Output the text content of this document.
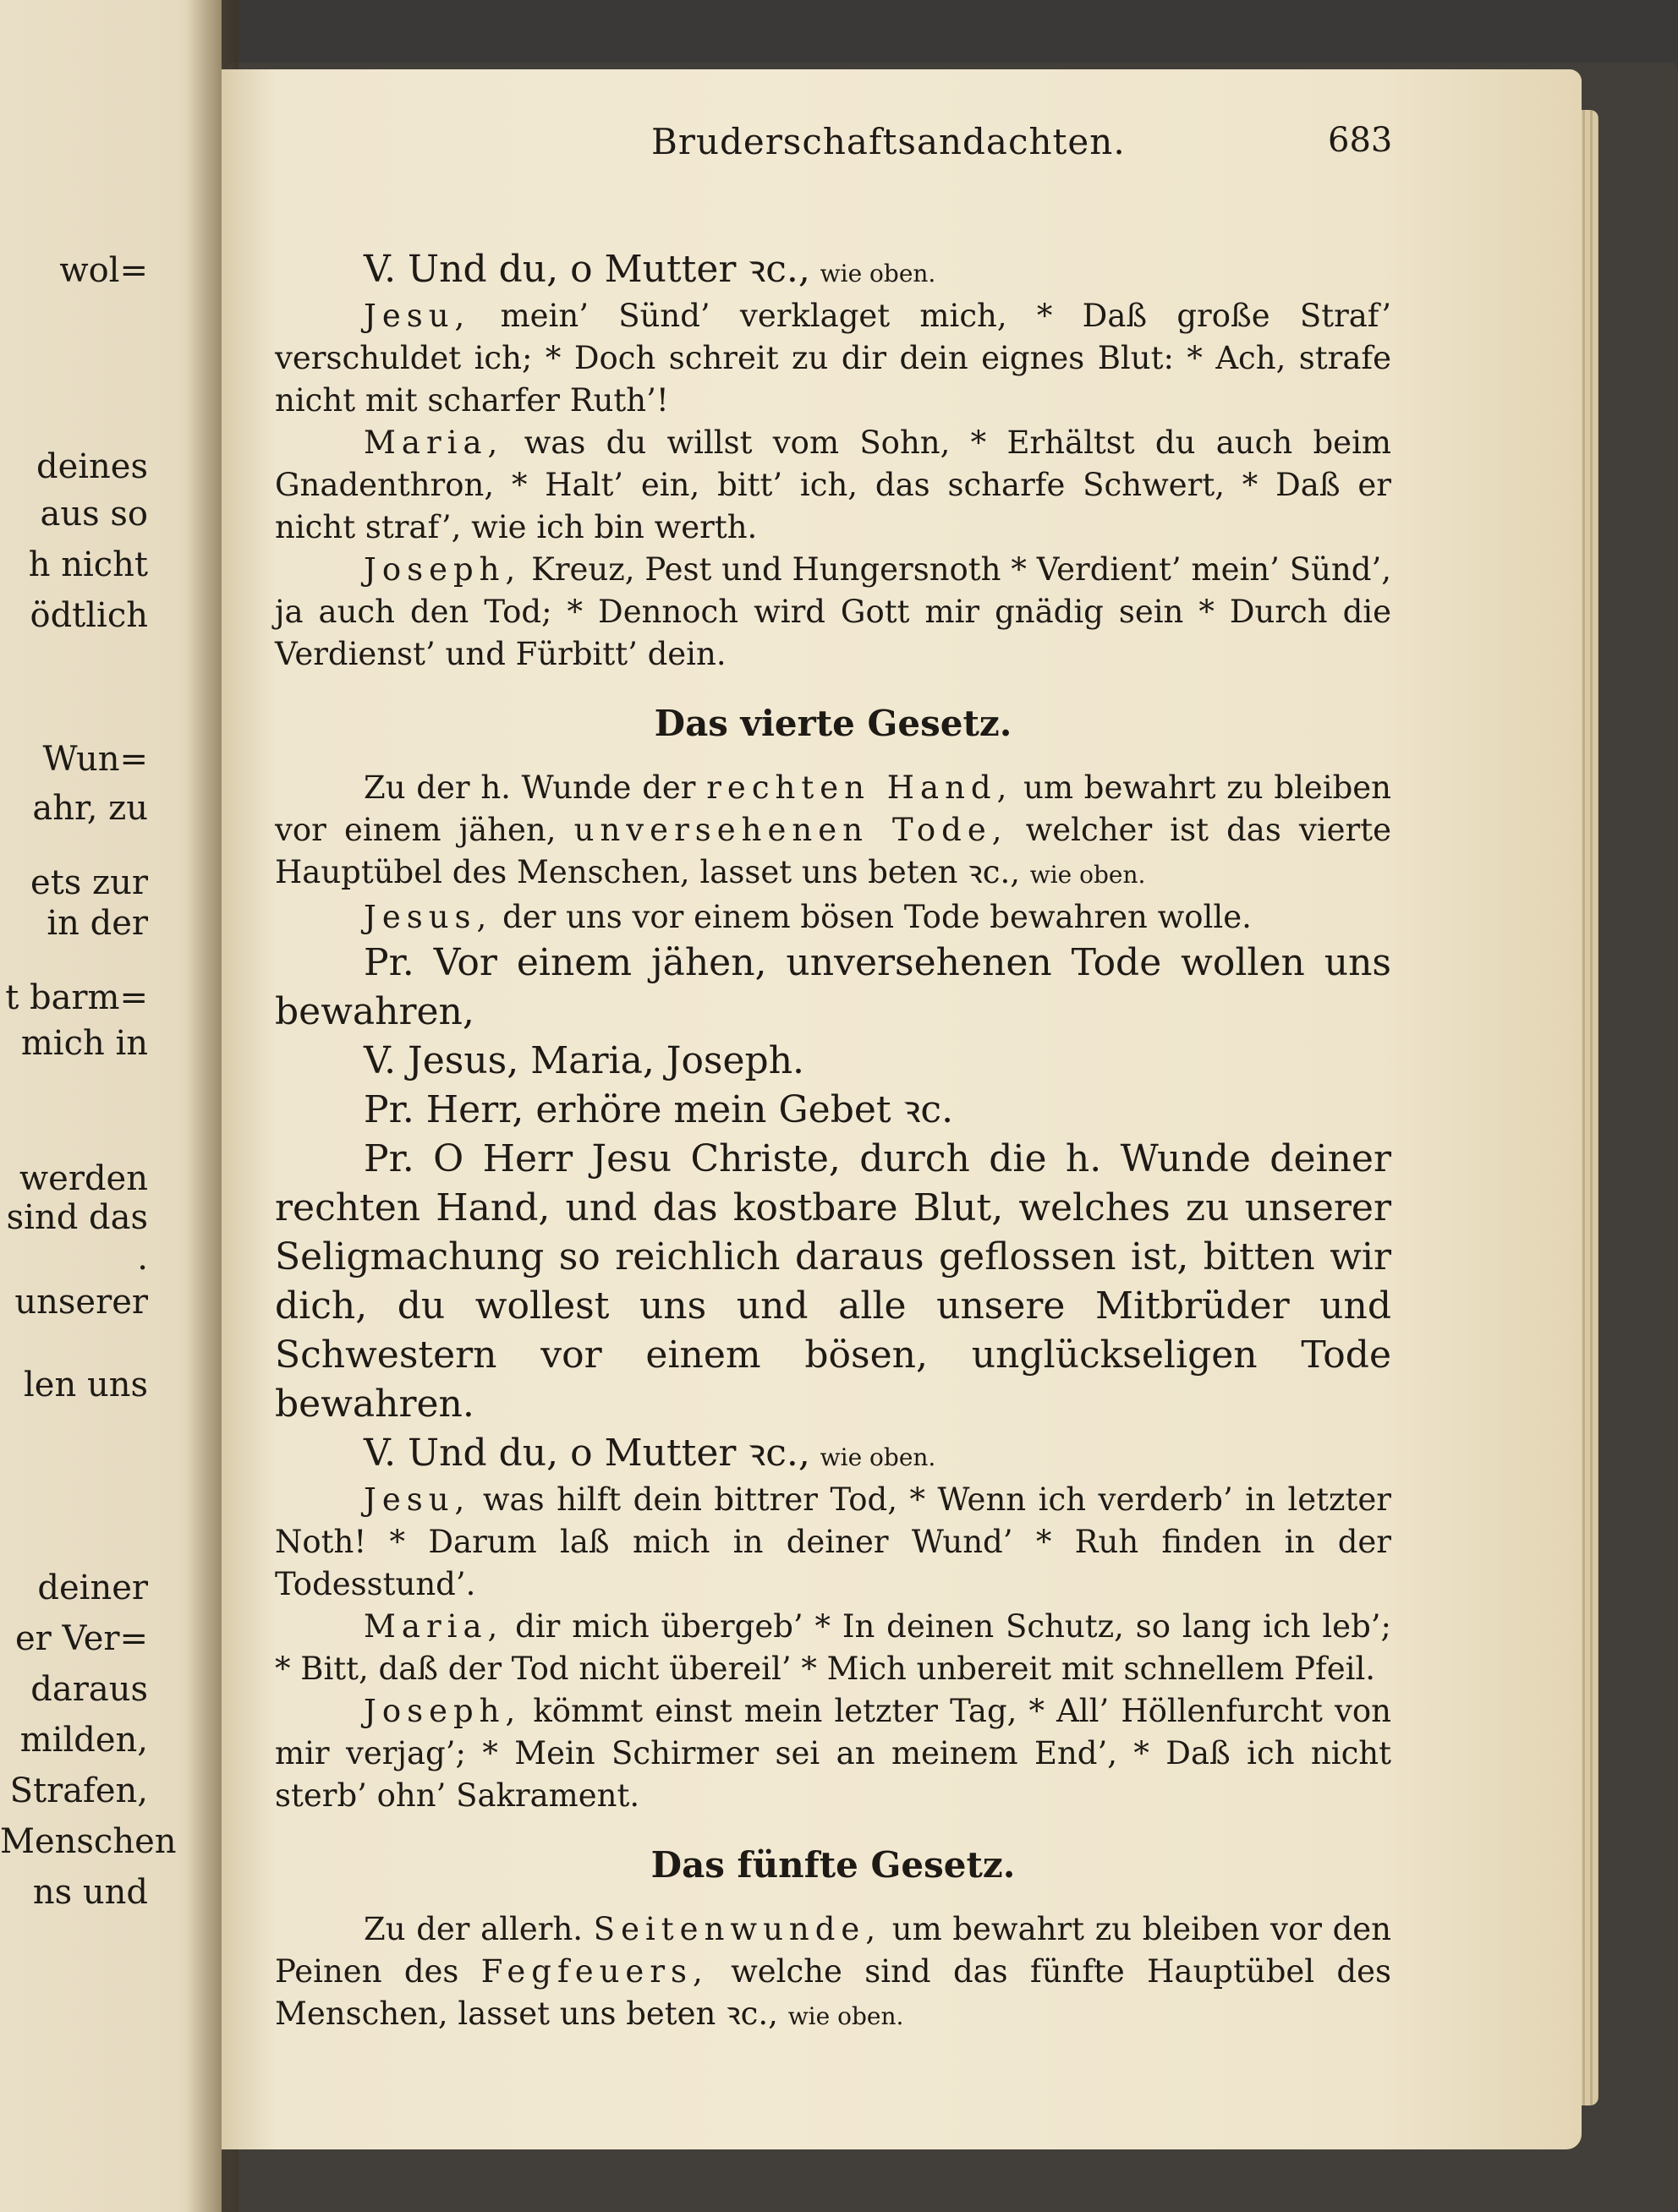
wol=
deines
aus so
h nicht
ödtlich
Wun=
ahr, zu
ets zur
in der
t barm=
mich in
werden
sind das
.
unserer
len uns
deiner
er Ver=
daraus
milden,
Strafen,
Menschen
ns und
Bruderschaftsandachten.	683

V. Und du, o Mutter ꝛc., wie oben.

Jesu, mein’ Sünd’ verklaget mich, * Daß große Straf’ verschuldet ich; * Doch schreit zu dir dein eignes Blut: * Ach, strafe nicht mit scharfer Ruth’!

Maria, was du willst vom Sohn, * Erhältst du auch beim Gnadenthron, * Halt’ ein, bitt’ ich, das scharfe Schwert, * Daß er nicht straf’, wie ich bin werth.

Joseph, Kreuz, Pest und Hungersnoth * Verdient’ mein’ Sünd’, ja auch den Tod; * Dennoch wird Gott mir gnädig sein * Durch die Verdienst’ und Fürbitt’ dein.

Das vierte Gesetz.

Zu der h. Wunde der rechten Hand, um bewahrt zu bleiben vor einem jähen, unversehenen Tode, welcher ist das vierte Hauptübel des Menschen, lasset uns beten ꝛc., wie oben.

Jesus, der uns vor einem bösen Tode bewahren wolle.

Pr. Vor einem jähen, unversehenen Tode wollen uns bewahren,

V. Jesus, Maria, Joseph.

Pr. Herr, erhöre mein Gebet ꝛc.

Pr. O Herr Jesu Christe, durch die h. Wunde deiner rechten Hand, und das kostbare Blut, welches zu unserer Seligmachung so reichlich daraus geflossen ist, bitten wir dich, du wollest uns und alle unsere Mitbrüder und Schwestern vor einem bösen, unglückseligen Tode bewahren.

V. Und du, o Mutter ꝛc., wie oben.

Jesu, was hilft dein bittrer Tod, * Wenn ich verderb’ in letzter Noth! * Darum laß mich in deiner Wund’ * Ruh finden in der Todesstund’.

Maria, dir mich übergeb’ * In deinen Schutz, so lang ich leb’; * Bitt, daß der Tod nicht übereil’ * Mich unbereit mit schnellem Pfeil.

Joseph, kömmt einst mein letzter Tag, * All’ Höllenfurcht von mir verjag’; * Mein Schirmer sei an meinem End’, * Daß ich nicht sterb’ ohn’ Sakrament.

Das fünfte Gesetz.

Zu der allerh. Seitenwunde, um bewahrt zu bleiben vor den Peinen des Fegfeuers, welche sind das fünfte Hauptübel des Menschen, lasset uns beten ꝛc., wie oben.
